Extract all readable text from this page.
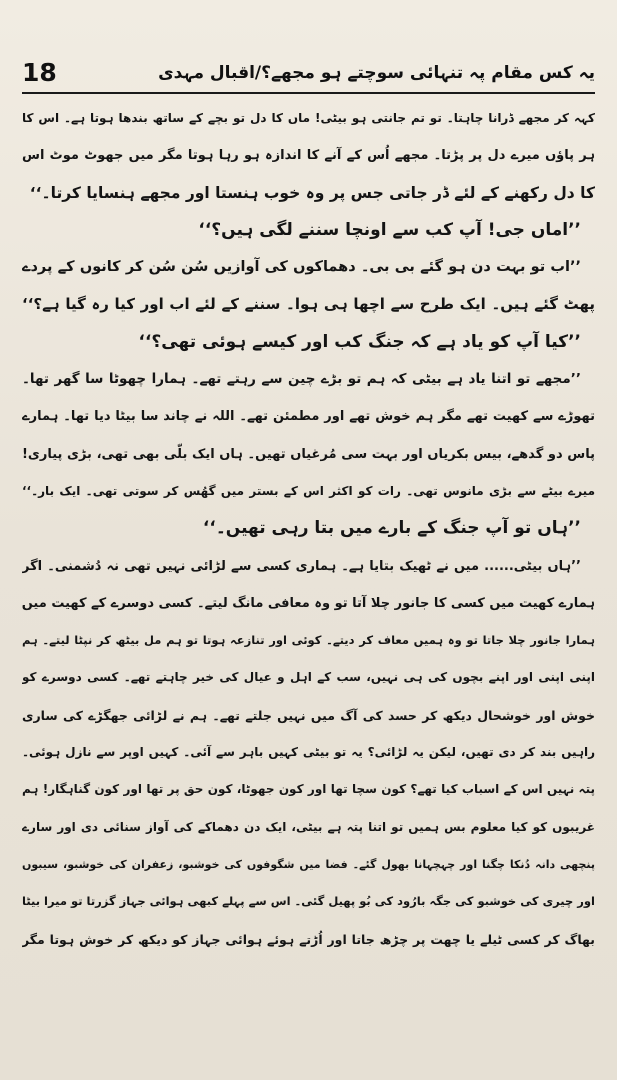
18	یہ کس مقام پہ تنہائی سوچتے ہو مجھے؟/اقبال مہدی
کہہ کر مجھے ڈرانا چاہتا۔ تو تم جانتی ہو بیٹی! ماں کا دل تو بچے کے ساتھ بندھا ہوتا ہے۔ اس کا
ہر پاؤں میرے دل پر پڑتا۔ مجھے اُس کے آنے کا اندازہ ہو رہا ہوتا مگر میں جھوٹ موٹ اس
کا دل رکھنے کے لئے ڈر جاتی جس پر وہ خوب ہنستا اور مجھے ہنسایا کرتا۔‘‘
’’اماں جی! آپ کب سے اونچا سننے لگی ہیں؟‘‘
’’اب تو بہت دن ہو گئے بی بی۔ دھماکوں کی آوازیں سُن سُن کر کانوں کے پردے
پھٹ گئے ہیں۔ ایک طرح سے اچھا ہی ہوا۔ سننے کے لئے اب اور کیا رہ گیا ہے؟‘‘
’’کیا آپ کو یاد ہے کہ جنگ کب اور کیسے ہوئی تھی؟‘‘
’’مجھے تو اتنا یاد ہے بیٹی کہ ہم تو بڑے چین سے رہتے تھے۔ ہمارا چھوٹا سا گھر تھا۔
تھوڑے سے کھیت تھے مگر ہم خوش تھے اور مطمئن تھے۔ اللہ نے چاند سا بیٹا دیا تھا۔ ہمارے
پاس دو گدھے، بیس بکریاں اور بہت سی مُرغیاں تھیں۔ ہاں ایک بلّی بھی تھی، بڑی پیاری!
میرے بیٹے سے بڑی مانوس تھی۔ رات کو اکثر اس کے بستر میں گھُس کر سوتی تھی۔ ایک بار۔‘‘
’’ہاں تو آپ جنگ کے بارے میں بتا رہی تھیں۔‘‘
’’ہاں بیٹی...... میں نے ٹھیک بتایا ہے۔ ہماری کسی سے لڑائی نہیں تھی نہ دُشمنی۔ اگر
ہمارے کھیت میں کسی کا جانور چلا آتا تو وہ معافی مانگ لیتے۔ کسی دوسرے کے کھیت میں
ہمارا جانور چلا جاتا تو وہ ہمیں معاف کر دیتے۔ کوئی اور تنازعہ ہوتا تو ہم مل بیٹھ کر نپٹا لیتے۔ ہم
اپنی اپنی اور اپنے بچوں کی ہی نہیں، سب کے اہل و عیال کی خیر چاہتے تھے۔ کسی دوسرے کو
خوش اور خوشحال دیکھ کر حسد کی آگ میں نہیں جلتے تھے۔ ہم نے لڑائی جھگڑے کی ساری
راہیں بند کر دی تھیں، لیکن یہ لڑائی؟ یہ تو بیٹی کہیں باہر سے آئی۔ کہیں اوپر سے نازل ہوئی۔
پتہ نہیں اس کے اسباب کیا تھے؟ کون سچا تھا اور کون جھوٹا، کون حق پر تھا اور کون گناہگار! ہم
غریبوں کو کیا معلوم بس ہمیں تو اتنا پتہ ہے بیٹی، ایک دن دھماکے کی آواز سنائی دی اور سارے
پنچھی دانہ دُنکا چگنا اور چہچہانا بھول گئے۔ فضا میں شگوفوں کی خوشبو، زعفران کی خوشبو، سیبوں
اور چیری کی خوشبو کی جگہ بارُود کی بُو پھیل گئی۔ اس سے پہلے کبھی ہوائی جہاز گزرتا تو میرا بیٹا
بھاگ کر کسی ٹیلے یا چھت پر چڑھ جاتا اور اُڑتے ہوئے ہوائی جہاز کو دیکھ کر خوش ہوتا مگر
